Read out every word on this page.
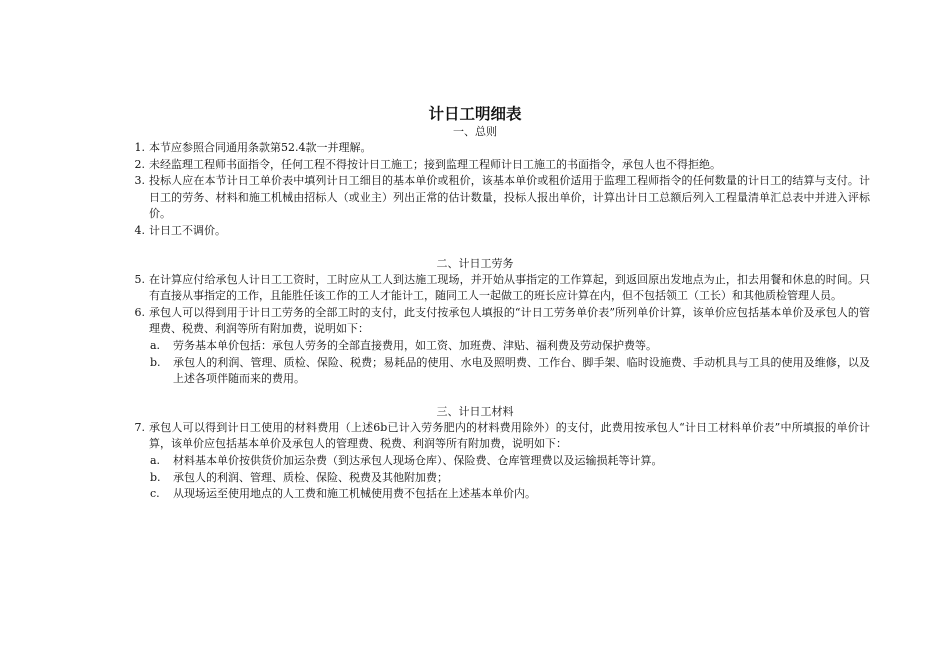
计日工明细表
一、总则
1. 本节应参照合同通用条款第52.4款一并理解。
2. 未经监理工程师书面指令，任何工程不得按计日工施工；接到监理工程师计日工施工的书面指令，承包人也不得拒绝。
3. 投标人应在本节计日工单价表中填列计日工细目的基本单价或租价，该基本单价或租价适用于监理工程师指令的任何数量的计日工的结算与支付。计日工的劳务、材料和施工机械由招标人（或业主）列出正常的估计数量，投标人报出单价，计算出计日工总额后列入工程量清单汇总表中并进入评标价。
4. 计日工不调价。
二、计日工劳务
5. 在计算应付给承包人计日工工资时，工时应从工人到达施工现场，并开始从事指定的工作算起，到返回原出发地点为止，扣去用餐和休息的时间。只有直接从事指定的工作，且能胜任该工作的工人才能计工，随同工人一起做工的班长应计算在内，但不包括领工（工长）和其他质检管理人员。
6. 承包人可以得到用于计日工劳务的全部工时的支付，此支付按承包人填报的“计日工劳务单价表”所列单价计算，该单价应包括基本单价及承包人的管理费、税费、利润等所有附加费，说明如下：
a.	劳务基本单价包括：承包人劳务的全部直接费用，如工资、加班费、津贴、福利费及劳动保护费等。
b.	承包人的利润、管理、质检、保险、税费；易耗品的使用、水电及照明费、工作台、脚手架、临时设施费、手动机具与工具的使用及维修，以及上述各项伴随而来的费用。
三、计日工材料
7. 承包人可以得到计日工使用的材料费用（上述6b已计入劳务肥内的材料费用除外）的支付，此费用按承包人“计日工材料单价表”中所填报的单价计算，该单价应包括基本单价及承包人的管理费、税费、利润等所有附加费，说明如下：
a.	材料基本单价按供货价加运杂费（到达承包人现场仓库）、保险费、仓库管理费以及运输损耗等计算。
b.	承包人的利润、管理、质检、保险、税费及其他附加费；
c.	从现场运至使用地点的人工费和施工机械使用费不包括在上述基本单价内。
